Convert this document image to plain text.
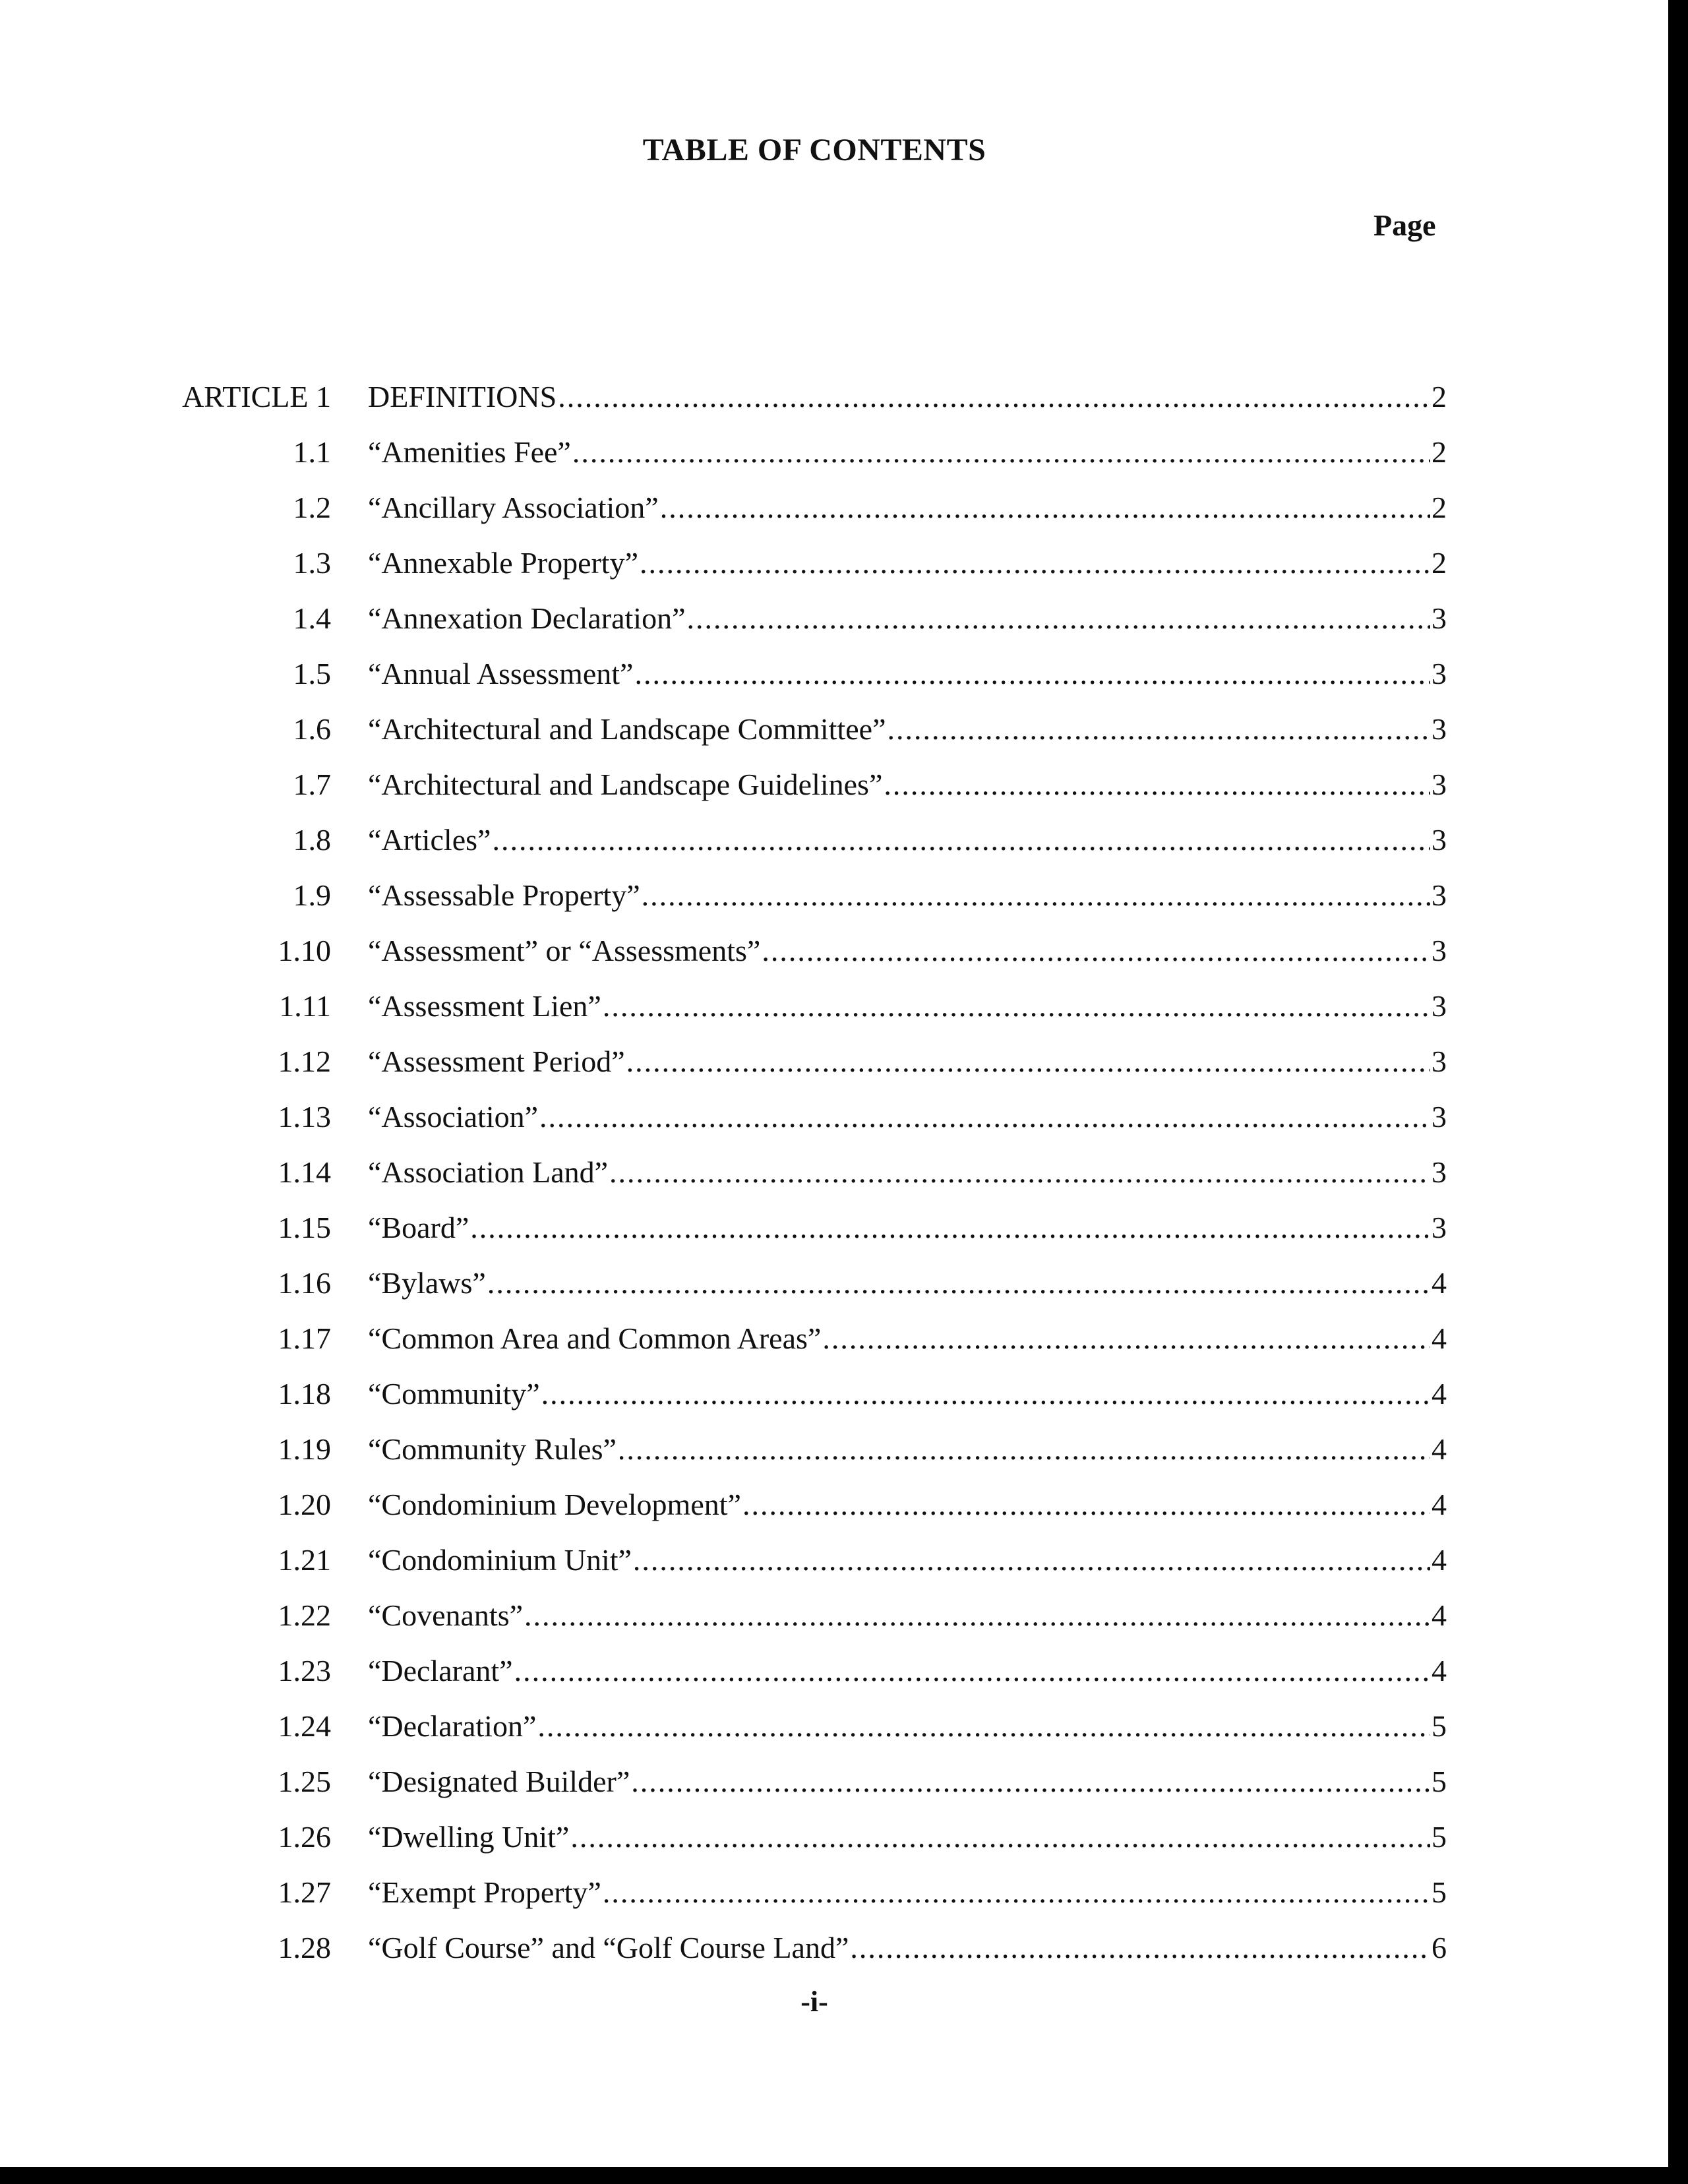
TABLE OF CONTENTS
Page
ARTICLE 1 DEFINITIONS .....	2
1.1 “Amenities Fee” .....	2
1.2 “Ancillary Association” .....	2
1.3 “Annexable Property” .....	2
1.4 “Annexation Declaration” .....	3
1.5 “Annual Assessment” .....	3
1.6 “Architectural and Landscape Committee” .....	3
1.7 “Architectural and Landscape Guidelines” .....	3
1.8 “Articles” .....	3
1.9 “Assessable Property” .....	3
1.10 “Assessment” or “Assessments” .....	3
1.11 “Assessment Lien” .....	3
1.12 “Assessment Period” .....	3
1.13 “Association” .....	3
1.14 “Association Land” .....	3
1.15 “Board” .....	3
1.16 “Bylaws” .....	4
1.17 “Common Area and Common Areas” .....	4
1.18 “Community” .....	4
1.19 “Community Rules” .....	4
1.20 “Condominium Development” .....	4
1.21 “Condominium Unit” .....	4
1.22 “Covenants” .....	4
1.23 “Declarant” .....	4
1.24 “Declaration” .....	5
1.25 “Designated Builder” .....	5
1.26 “Dwelling Unit” .....	5
1.27 “Exempt Property” .....	5
1.28 “Golf Course” and “Golf Course Land” .....	6
-i-
